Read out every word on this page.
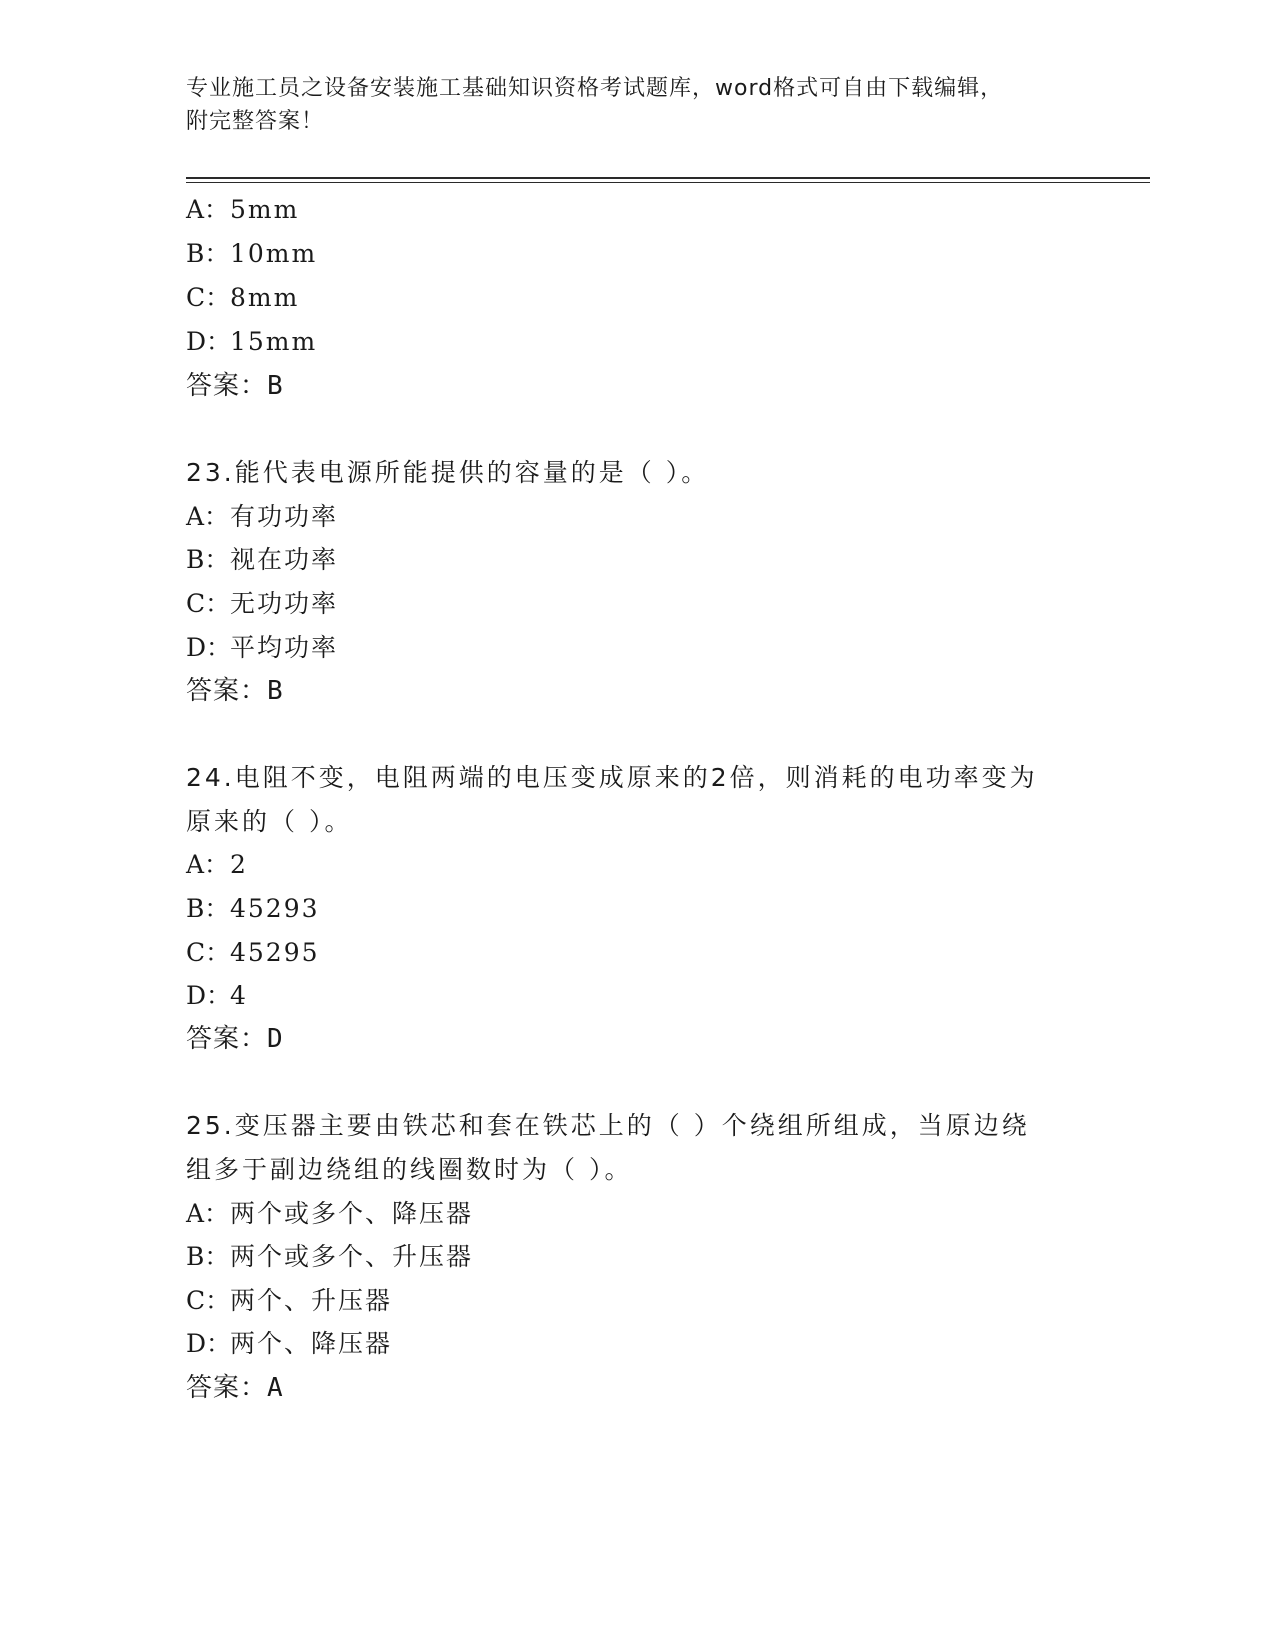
专业施工员之设备安装施工基础知识资格考试题库，word格式可自由下载编辑，
附完整答案！
A：5mm
B：10mm
C：8mm
D：15mm
答案：B
23.能代表电源所能提供的容量的是（ ）。
A：有功功率
B：视在功率
C：无功功率
D：平均功率
答案：B
24.电阻不变，电阻两端的电压变成原来的2倍，则消耗的电功率变为
原来的（ ）。
A：2
B：45293
C：45295
D：4
答案：D
25.变压器主要由铁芯和套在铁芯上的（ ）个绕组所组成，当原边绕
组多于副边绕组的线圈数时为（ ）。
A：两个或多个、降压器
B：两个或多个、升压器
C：两个、升压器
D：两个、降压器
答案：A
